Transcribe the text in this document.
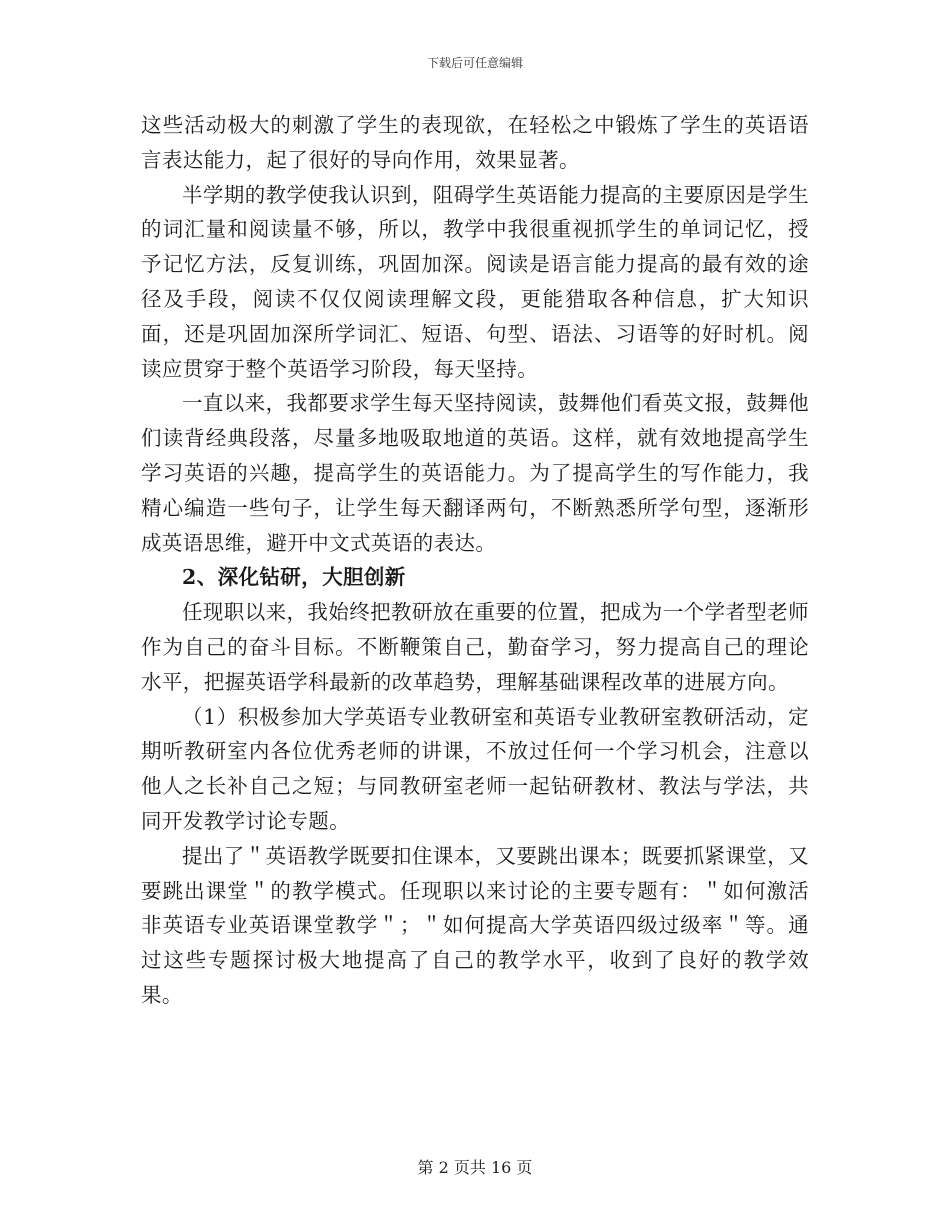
下载后可任意编辑

这些活动极大的刺激了学生的表现欲，在轻松之中锻炼了学生的英语语言表达能力，起了很好的导向作用，效果显著。

半学期的教学使我认识到，阻碍学生英语能力提高的主要原因是学生的词汇量和阅读量不够，所以，教学中我很重视抓学生的单词记忆，授予记忆方法，反复训练，巩固加深。阅读是语言能力提高的最有效的途径及手段，阅读不仅仅阅读理解文段，更能猎取各种信息，扩大知识面，还是巩固加深所学词汇、短语、句型、语法、习语等的好时机。阅读应贯穿于整个英语学习阶段，每天坚持。

一直以来，我都要求学生每天坚持阅读，鼓舞他们看英文报，鼓舞他们读背经典段落，尽量多地吸取地道的英语。这样，就有效地提高学生学习英语的兴趣，提高学生的英语能力。为了提高学生的写作能力，我精心编造一些句子，让学生每天翻译两句，不断熟悉所学句型，逐渐形成英语思维，避开中文式英语的表达。

2、深化钻研，大胆创新

任现职以来，我始终把教研放在重要的位置，把成为一个学者型老师作为自己的奋斗目标。不断鞭策自己，勤奋学习，努力提高自己的理论水平，把握英语学科最新的改革趋势，理解基础课程改革的进展方向。

（1）积极参加大学英语专业教研室和英语专业教研室教研活动，定期听教研室内各位优秀老师的讲课，不放过任何一个学习机会，注意以他人之长补自己之短；与同教研室老师一起钻研教材、教法与学法，共同开发教学讨论专题。

提出了＂英语教学既要扣住课本，又要跳出课本；既要抓紧课堂，又要跳出课堂＂的教学模式。任现职以来讨论的主要专题有：＂如何激活非英语专业英语课堂教学＂；＂如何提高大学英语四级过级率＂等。通过这些专题探讨极大地提高了自己的教学水平，收到了良好的教学效果。

第 2 页共 16 页
